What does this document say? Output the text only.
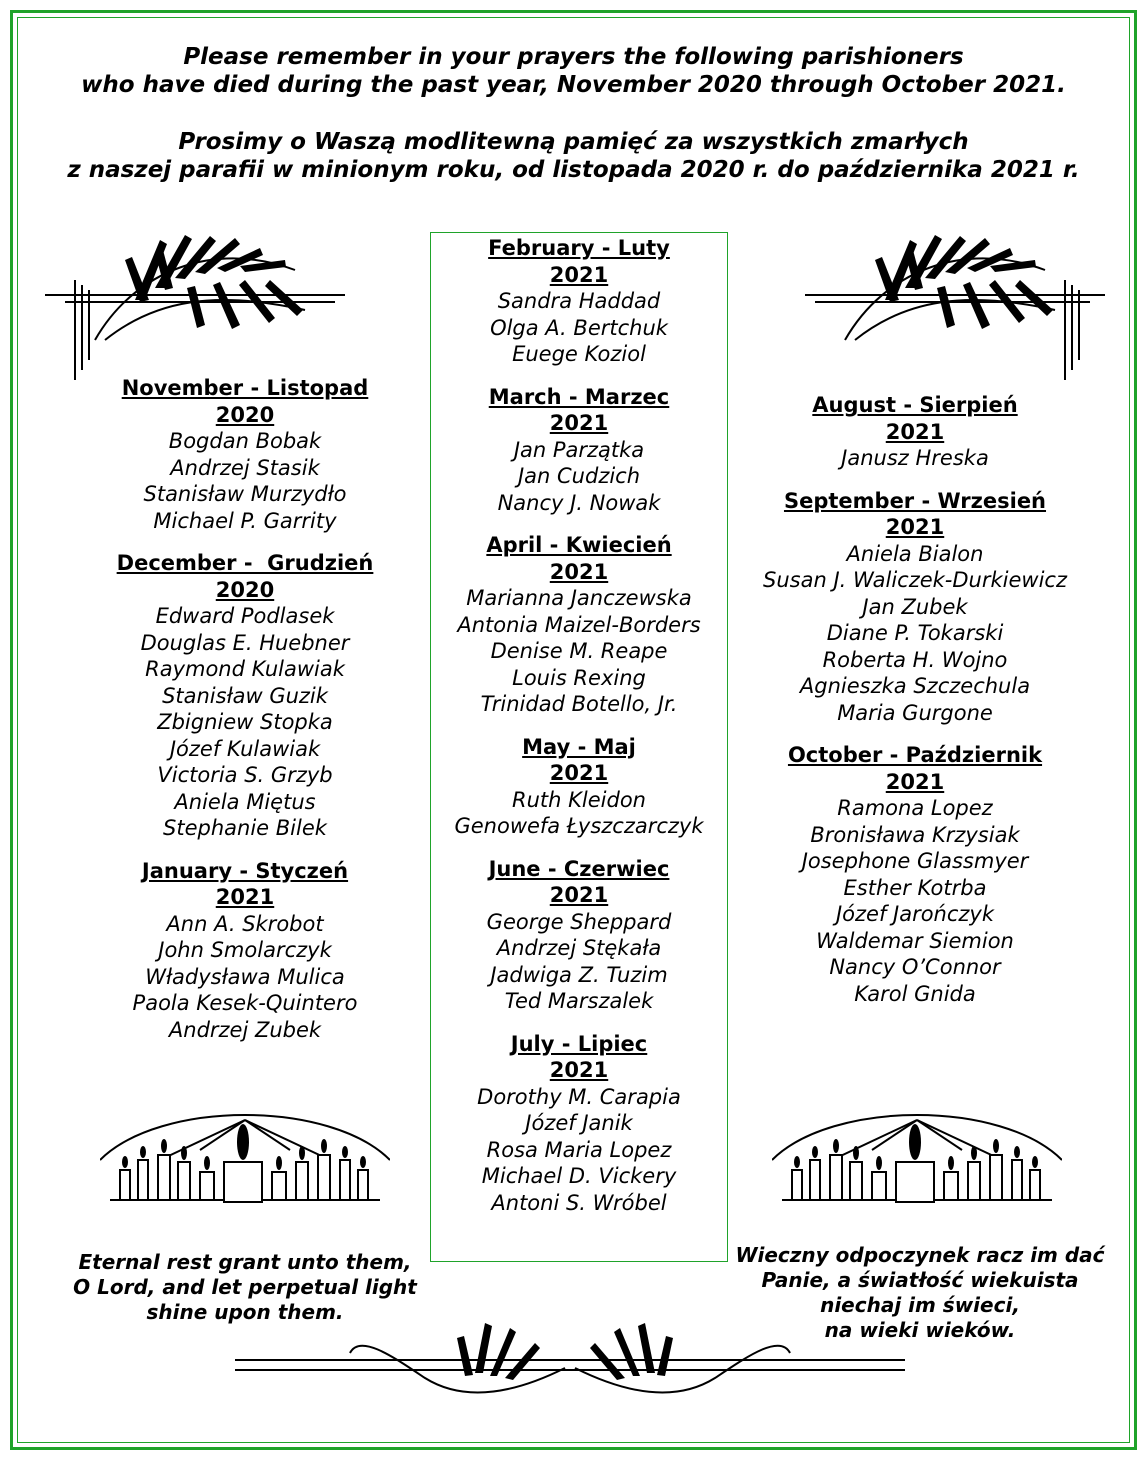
Please remember in your prayers the following parishioners
who have died during the past year, November 2020 through October 2021.
Prosimy o Waszą modlitewną pamięć za wszystkich zmarłych
z naszej parafii w minionym roku, od listopada 2020 r. do października 2021 r.
November - Listopad
2020
Bogdan Bobak
Andrzej Stasik
Stanisław Murzydło
Michael P. Garrity
December -  Grudzień
2020
Edward Podlasek
Douglas E. Huebner
Raymond Kulawiak
Stanisław Guzik
Zbigniew Stopka
Józef Kulawiak
Victoria S. Grzyb
Aniela Miętus
Stephanie Bilek
January - Styczeń
2021
Ann A. Skrobot
John Smolarczyk
Władysława Mulica
Paola Kesek-Quintero
Andrzej Zubek
February - Luty
2021
Sandra Haddad
Olga A. Bertchuk
Euege Koziol
March - Marzec
2021
Jan Parzątka
Jan Cudzich
Nancy J. Nowak
April - Kwiecień
2021
Marianna Janczewska
Antonia Maizel-Borders
Denise M. Reape
Louis Rexing
Trinidad Botello, Jr.
May - Maj
2021
Ruth Kleidon
Genowefa Łyszczarczyk
June - Czerwiec
2021
George Sheppard
Andrzej Stękała
Jadwiga Z. Tuzim
Ted Marszalek
July - Lipiec
2021
Dorothy M. Carapia
Józef Janik
Rosa Maria Lopez
Michael D. Vickery
Antoni S. Wróbel
August - Sierpień
2021
Janusz Hreska
September - Wrzesień
2021
Aniela Bialon
Susan J. Waliczek-Durkiewicz
Jan Zubek
Diane P. Tokarski
Roberta H. Wojno
Agnieszka Szczechula
Maria Gurgone
October - Październik
2021
Ramona Lopez
Bronisława Krzysiak
Josephone Glassmyer
Esther Kotrba
Józef Jarończyk
Waldemar Siemion
Nancy O’Connor
Karol Gnida
Eternal rest grant unto them,
O Lord, and let perpetual light
shine upon them.
Wieczny odpoczynek racz im dać
Panie, a światłość wiekuista
niechaj im świeci,
na wieki wieków.
